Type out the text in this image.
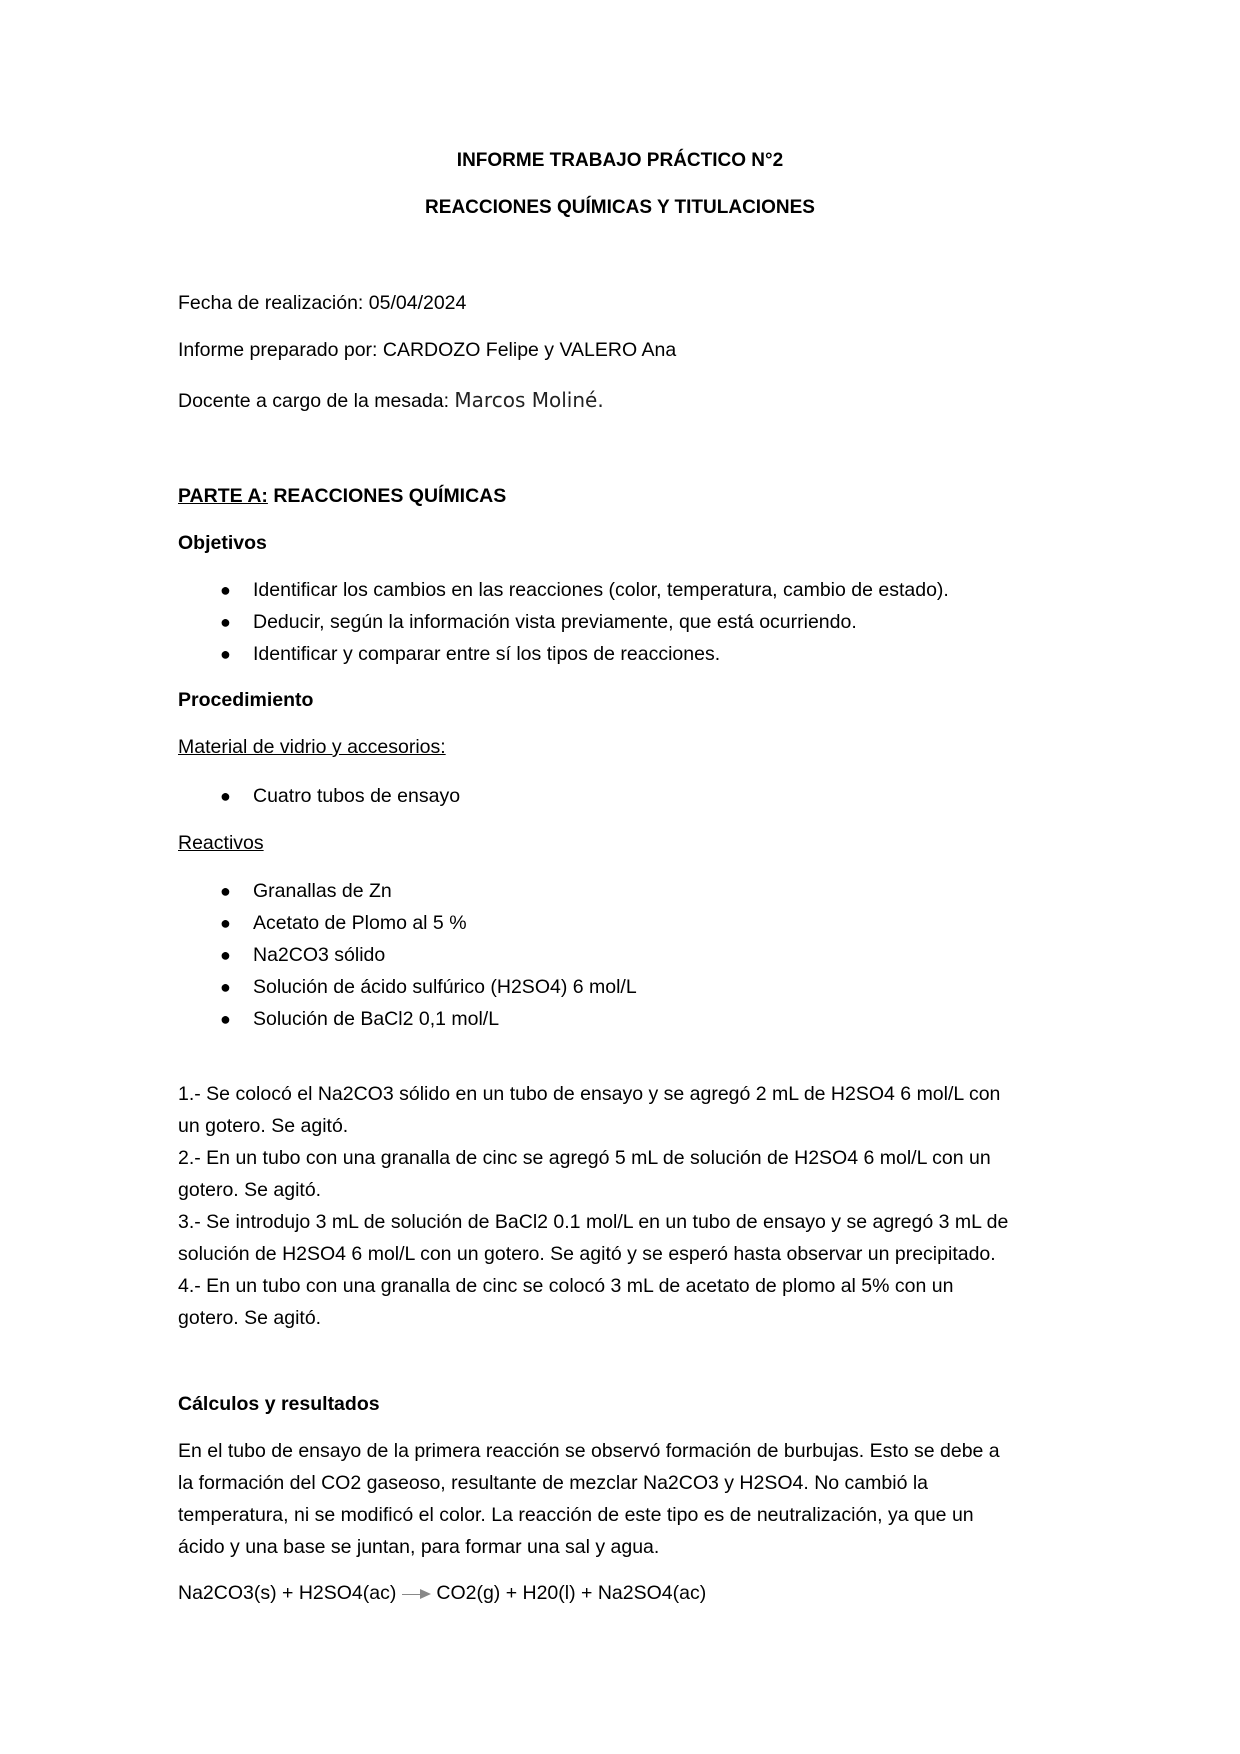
INFORME TRABAJO PRÁCTICO N°2
REACCIONES QUÍMICAS Y TITULACIONES
Fecha de realización: 05/04/2024
Informe preparado por: CARDOZO Felipe y VALERO Ana
Docente a cargo de la mesada: Marcos Moliné.
PARTE A: REACCIONES QUÍMICAS
Objetivos
● Identificar los cambios en las reacciones (color, temperatura, cambio de estado).
● Deducir, según la información vista previamente, que está ocurriendo.
● Identificar y comparar entre sí los tipos de reacciones.
Procedimiento
Material de vidrio y accesorios:
● Cuatro tubos de ensayo
Reactivos
● Granallas de Zn
● Acetato de Plomo al 5 %
● Na2CO3 sólido
● Solución de ácido sulfúrico (H2SO4) 6 mol/L
● Solución de BaCl2 0,1 mol/L
1.- Se colocó el Na2CO3 sólido en un tubo de ensayo y se agregó 2 mL de H2SO4 6 mol/L con
un gotero. Se agitó.
2.- En un tubo con una granalla de cinc se agregó 5 mL de solución de H2SO4 6 mol/L con un
gotero. Se agitó.
3.- Se introdujo 3 mL de solución de BaCl2 0.1 mol/L en un tubo de ensayo y se agregó 3 mL de
solución de H2SO4 6 mol/L con un gotero. Se agitó y se esperó hasta observar un precipitado.
4.- En un tubo con una granalla de cinc se colocó 3 mL de acetato de plomo al 5% con un
gotero. Se agitó.
Cálculos y resultados
En el tubo de ensayo de la primera reacción se observó formación de burbujas. Esto se debe a
la formación del CO2 gaseoso, resultante de mezclar Na2CO3 y H2SO4. No cambió la
temperatura, ni se modificó el color. La reacción de este tipo es de neutralización, ya que un
ácido y una base se juntan, para formar una sal y agua.
Na2CO3(s) + H2SO4(ac) CO2(g) + H20(l) + Na2SO4(ac)
